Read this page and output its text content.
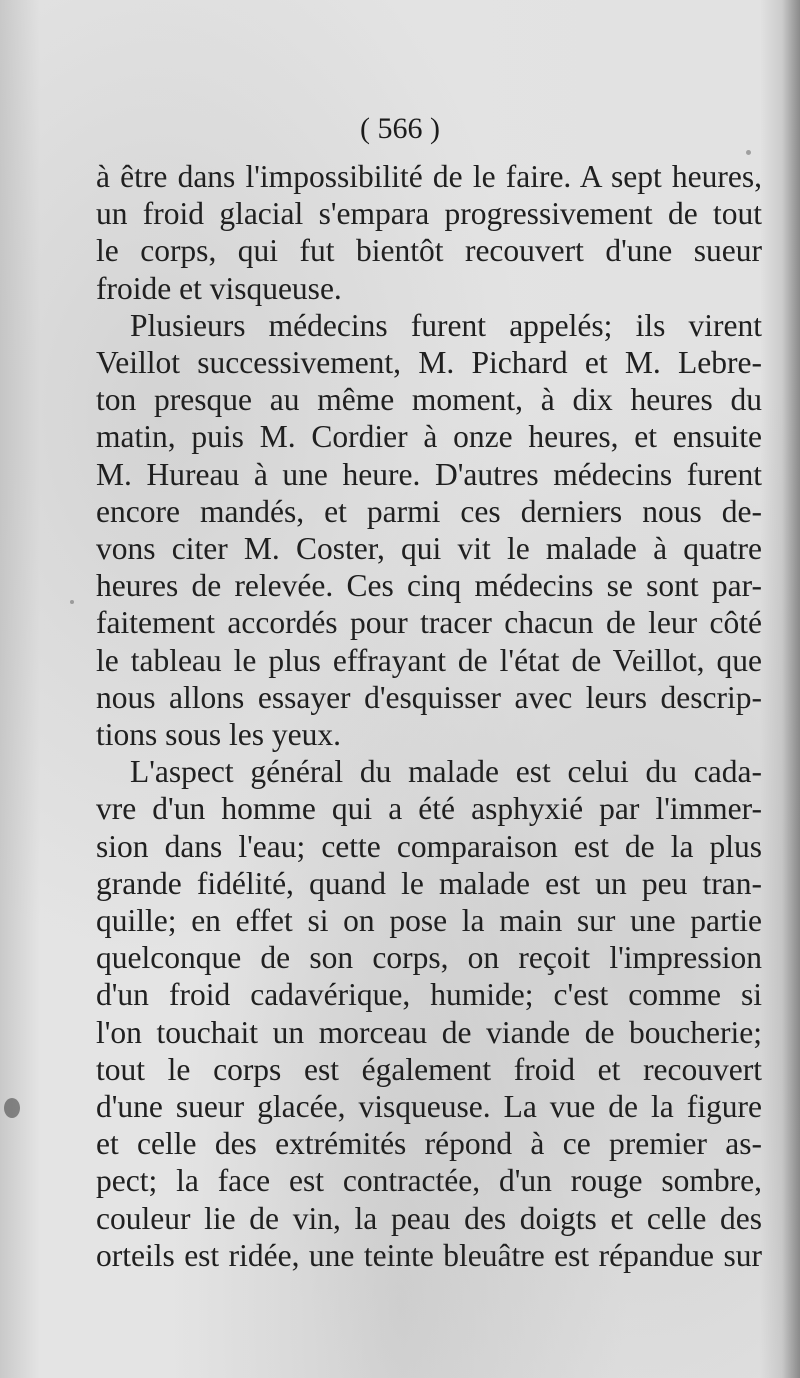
( 566 )
à être dans l'impossibilité de le faire. A sept heures,
un froid glacial s'empara progressivement de tout
le corps, qui fut bientôt recouvert d'une sueur
froide et visqueuse.
Plusieurs médecins furent appelés; ils virent
Veillot successivement, M. Pichard et M. Lebre-
ton presque au même moment, à dix heures du
matin, puis M. Cordier à onze heures, et ensuite
M. Hureau à une heure. D'autres médecins furent
encore mandés, et parmi ces derniers nous de-
vons citer M. Coster, qui vit le malade à quatre
heures de relevée. Ces cinq médecins se sont par-
faitement accordés pour tracer chacun de leur côté
le tableau le plus effrayant de l'état de Veillot, que
nous allons essayer d'esquisser avec leurs descrip-
tions sous les yeux.
L'aspect général du malade est celui du cada-
vre d'un homme qui a été asphyxié par l'immer-
sion dans l'eau; cette comparaison est de la plus
grande fidélité, quand le malade est un peu tran-
quille; en effet si on pose la main sur une partie
quelconque de son corps, on reçoit l'impression
d'un froid cadavérique, humide; c'est comme si
l'on touchait un morceau de viande de boucherie;
tout le corps est également froid et recouvert
d'une sueur glacée, visqueuse. La vue de la figure
et celle des extrémités répond à ce premier as-
pect; la face est contractée, d'un rouge sombre,
couleur lie de vin, la peau des doigts et celle des
orteils est ridée, une teinte bleuâtre est répandue sur
